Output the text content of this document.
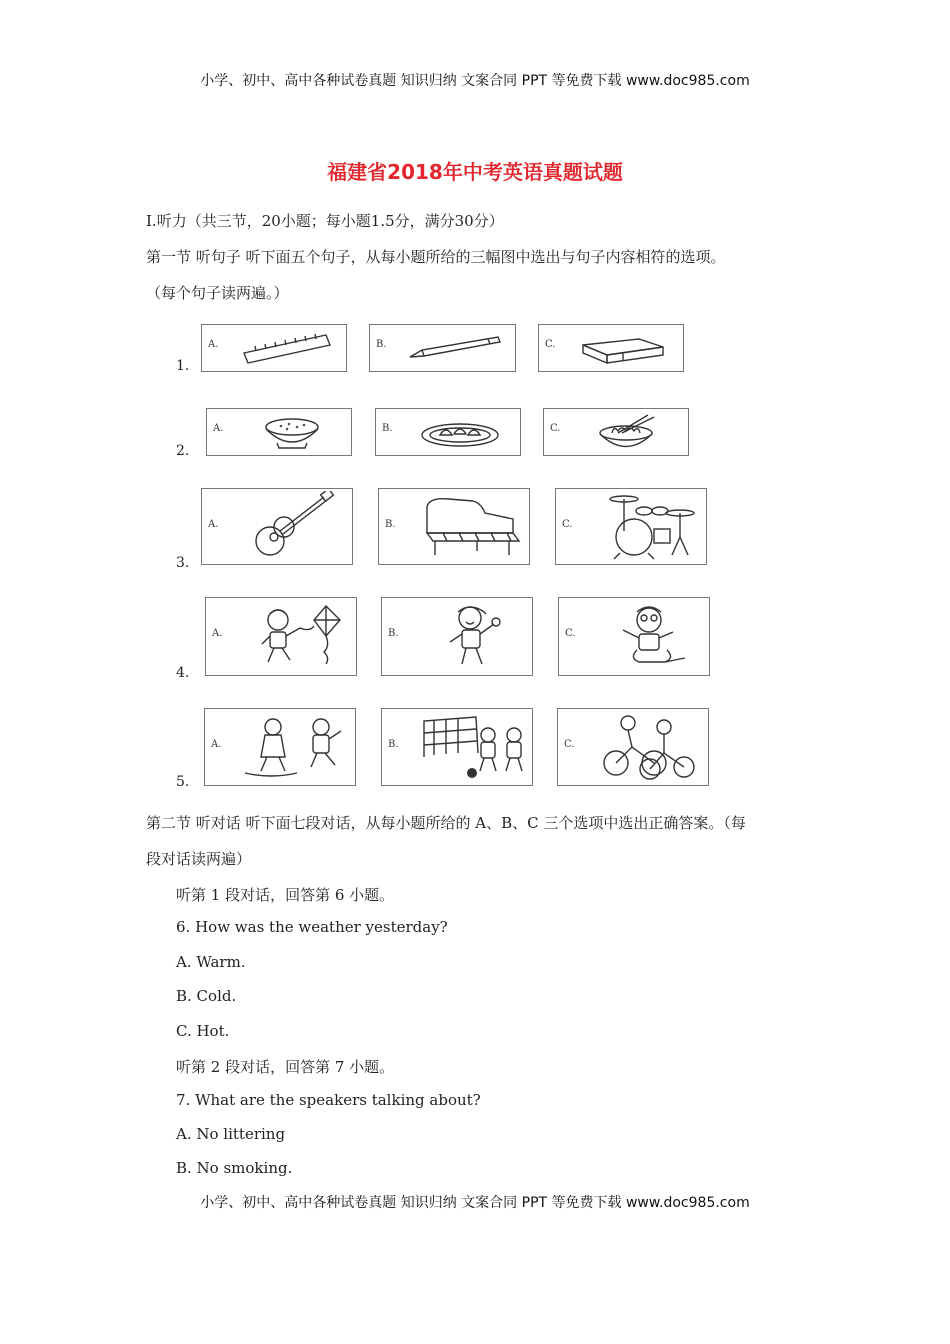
小学、初中、高中各种试卷真题 知识归纳 文案合同 PPT 等免费下载 www.doc985.com
福建省2018年中考英语真题试题
Ⅰ.听力（共三节，20小题；每小题1.5分，满分30分）
第一节 听句子 听下面五个句子，从每小题所给的三幅图中选出与句子内容相符的选项。
（每个句子读两遍。）
1.
A.	B.	C.
2.
A.	B.	C.
3.
A.	B.	C.
4.
A.	B.	C.
5.
A.	B.	C.
第二节 听对话 听下面七段对话，从每小题所给的 A、B、C 三个选项中选出正确答案。（每
段对话读两遍）
听第 1 段对话，回答第 6 小题。
6. How was the weather yesterday?
A. Warm.
B. Cold.
C. Hot.
听第 2 段对话，回答第 7 小题。
7. What are the speakers talking about?
A. No littering
B. No smoking.
小学、初中、高中各种试卷真题 知识归纳 文案合同 PPT 等免费下载 www.doc985.com
